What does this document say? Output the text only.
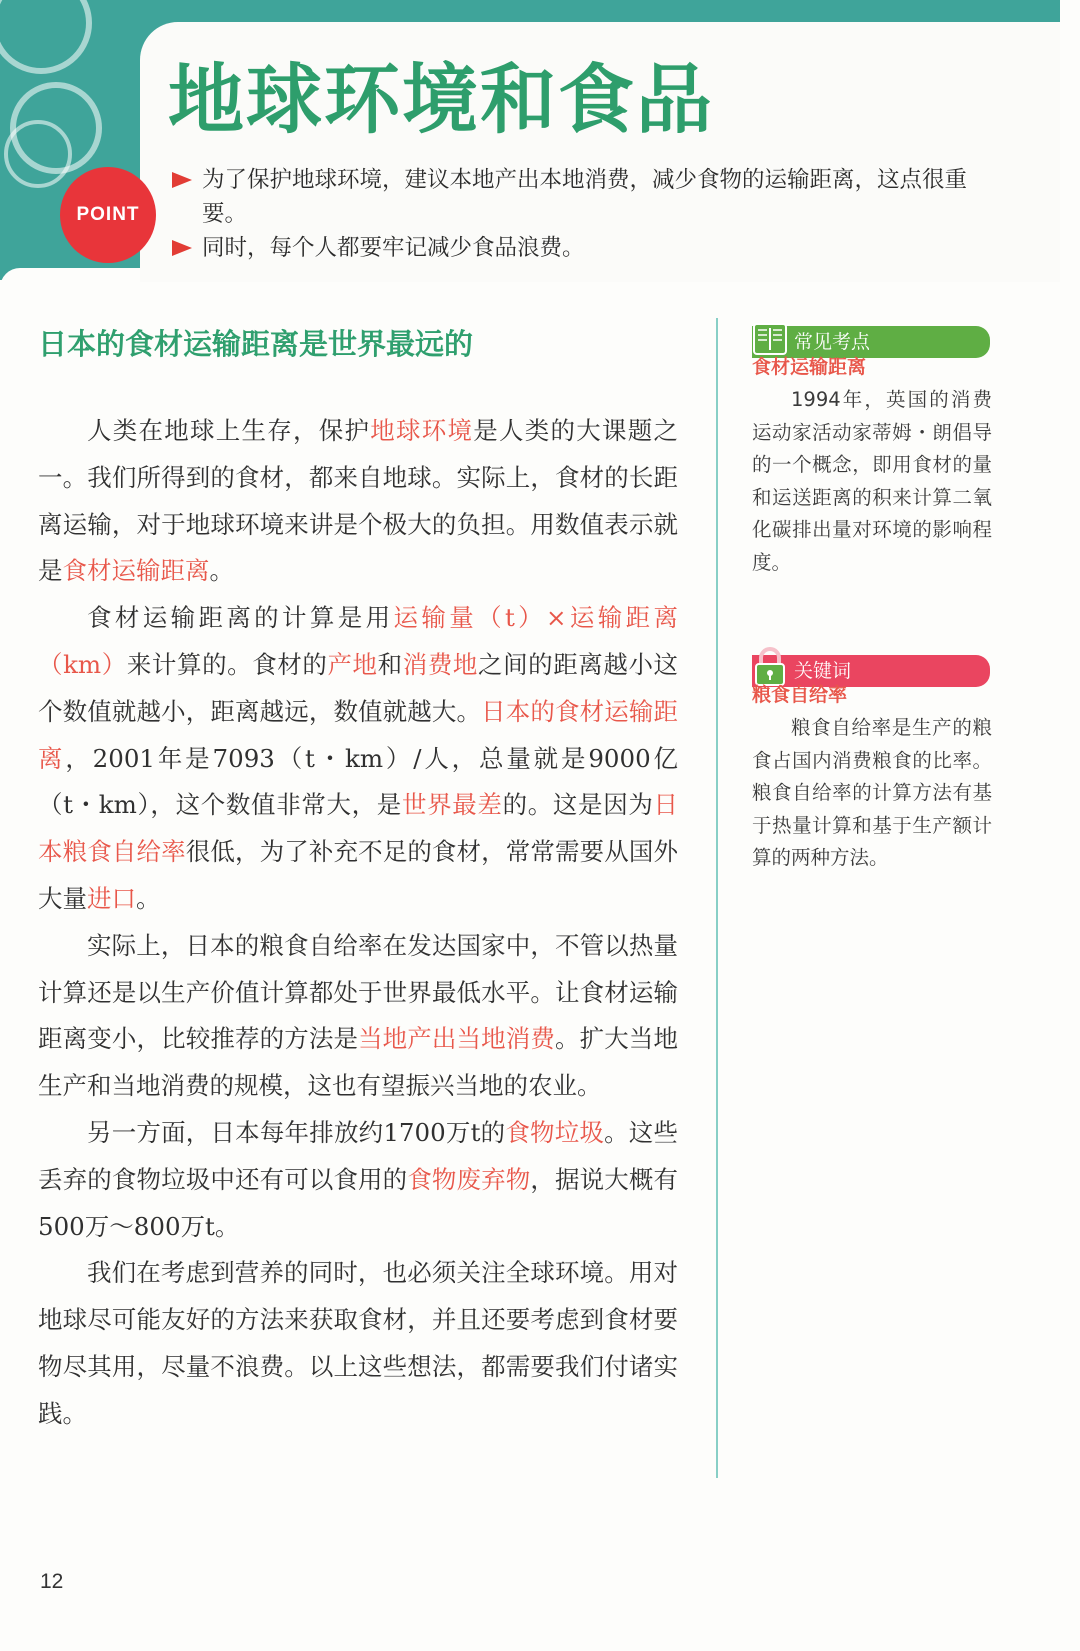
地球环境和食品
POINT
为了保护地球环境，建议本地产出本地消费，减少食物的运输距离，这点很重要。
同时，每个人都要牢记减少食品浪费。
日本的食材运输距离是世界最远的

人类在地球上生存，保护地球环境是人类的大课题之一。我们所得到的食材，都来自地球。实际上，食材的长距离运输，对于地球环境来讲是个极大的负担。用数值表示就是食材运输距离。

食材运输距离的计算是用运输量（t）×运输距离（km）来计算的。食材的产地和消费地之间的距离越小这个数值就越小，距离越远，数值就越大。日本的食材运输距离，2001年是7093（t・km）/人，总量就是9000亿（t・km），这个数值非常大，是世界最差的。这是因为日本粮食自给率很低，为了补充不足的食材，常常需要从国外大量进口。

实际上，日本的粮食自给率在发达国家中，不管以热量计算还是以生产价值计算都处于世界最低水平。让食材运输距离变小，比较推荐的方法是当地产出当地消费。扩大当地生产和当地消费的规模，这也有望振兴当地的农业。

另一方面，日本每年排放约1700万t的食物垃圾。这些丢弃的食物垃圾中还有可以食用的食物废弃物，据说大概有500万～800万t。

我们在考虑到营养的同时，也必须关注全球环境。用对地球尽可能友好的方法来获取食材，并且还要考虑到食材要物尽其用，尽量不浪费。以上这些想法，都需要我们付诸实践。

常见考点
食材运输距离
1994年，英国的消费运动家活动家蒂姆・朗倡导的一个概念，即用食材的量和运送距离的积来计算二氧化碳排出量对环境的影响程度。
关键词
粮食自给率
粮食自给率是生产的粮食占国内消费粮食的比率。粮食自给率的计算方法有基于热量计算和基于生产额计算的两种方法。
12
